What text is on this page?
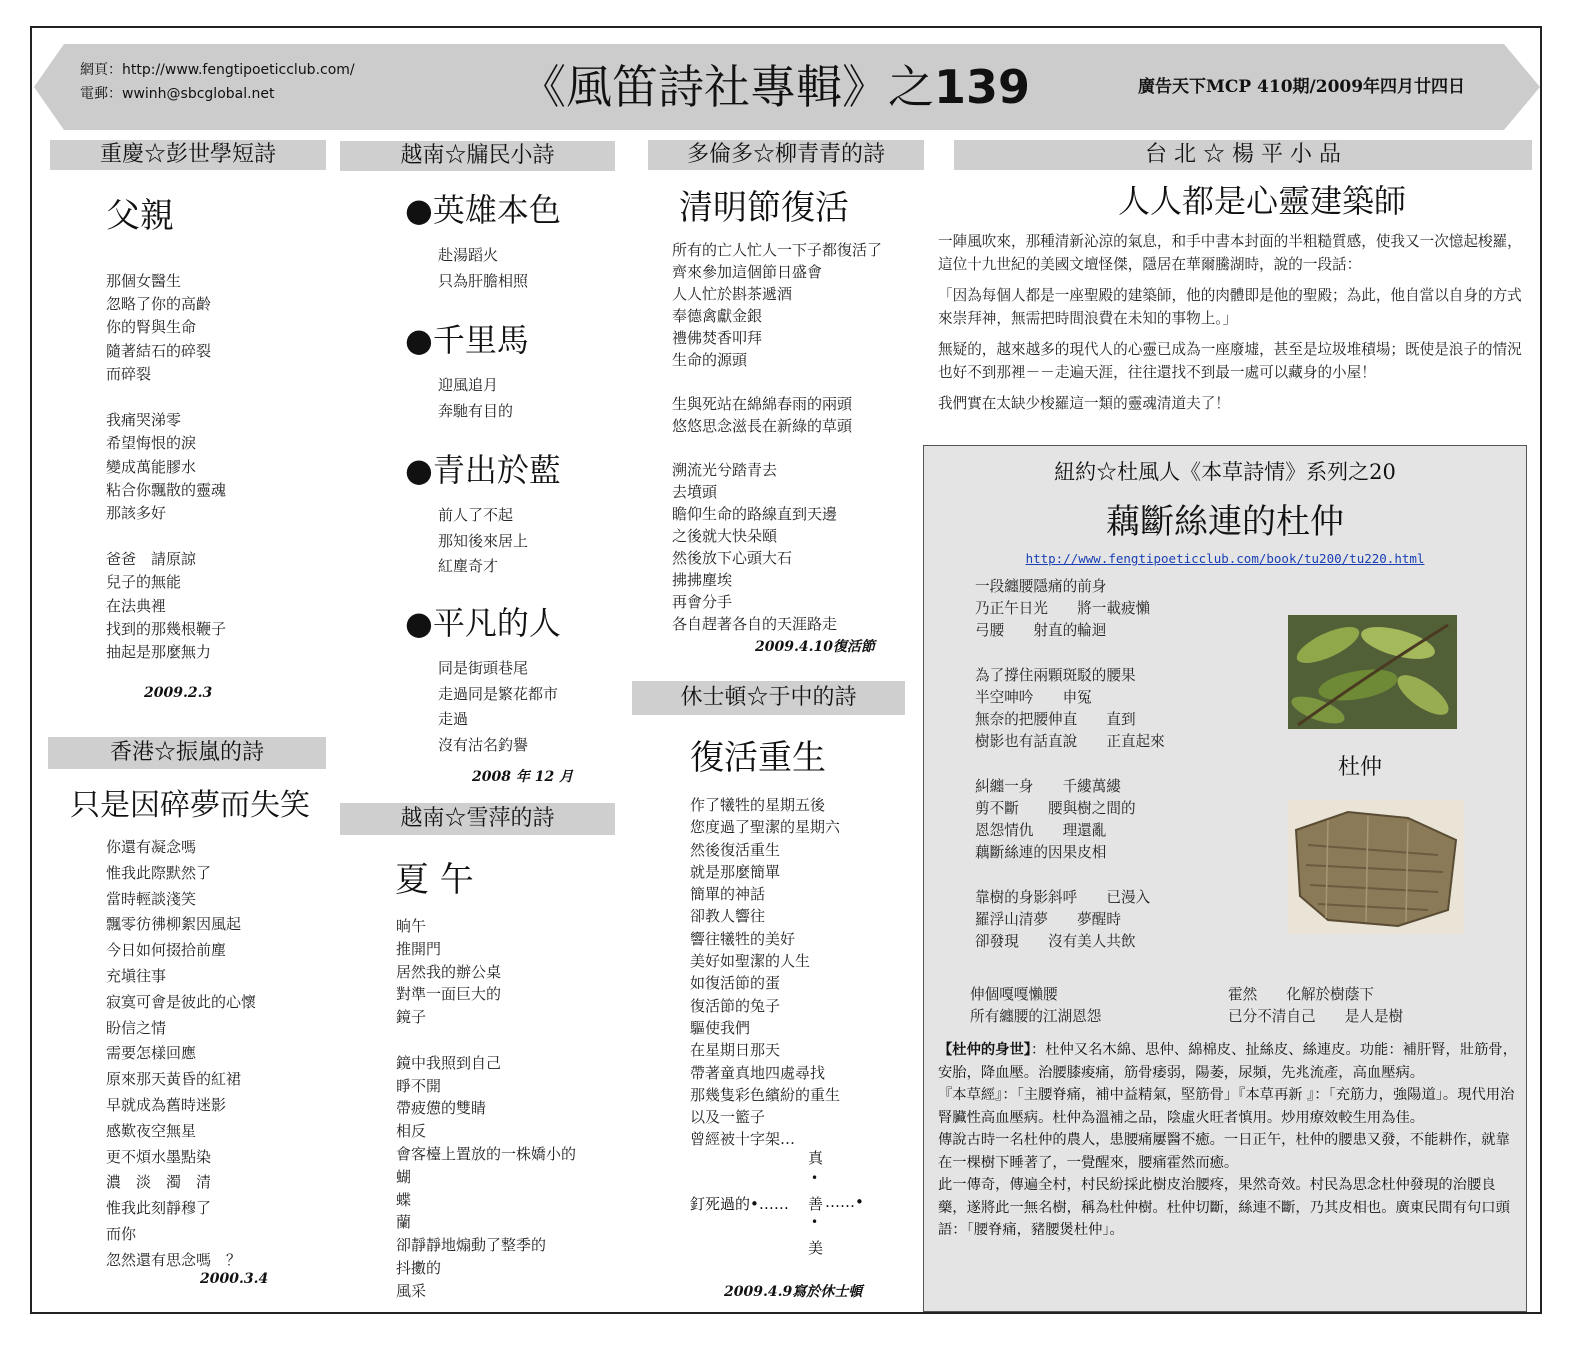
網頁：http://www.fengtipoeticclub.com/
電郵：wwinh@sbcglobal.net	《風笛詩社專輯》之139	廣告天下MCP 410期/2009年四月廿四日
重慶☆彭世學短詩
父親
那個女醫生
忽略了你的高齡
你的腎與生命
隨著結石的碎裂
而碎裂

我痛哭涕零
希望悔恨的淚
變成萬能膠水
粘合你飄散的靈魂
那該多好

爸爸　請原諒
兒子的無能
在法典裡
找到的那幾根鞭子
抽起是那麼無力
2009.2.3
香港☆振嵐的詩
只是因碎夢而失笑
你還有凝念嗎
惟我此際默然了
當時輕談淺笑
飄零彷彿柳絮因風起
今日如何掇拾前塵
充塡往事
寂寞可會是彼此的心懷
盼信之情
需要怎樣回應
原來那天黃昏的紅裙
早就成為舊時迷影
感歎夜空無星
更不煩水墨點染
濃　淡　濁　清
惟我此刻靜穆了
而你
忽然還有思念嗎　？
2000.3.4
越南☆牖民小詩
●英雄本色
赴湯蹈火
只為肝膽相照
●千里馬
迎風追月
奔馳有目的
●青出於藍
前人了不起
那知後來居上
紅塵奇才
●平凡的人
同是街頭巷尾
走過同是繁花都市
走過
沒有沽名釣譽
2008 年 12 月
越南☆雪萍的詩
夏 午
晌午
推開門
居然我的辦公桌
對準一面巨大的
鏡子

鏡中我照到自己
睜不開
帶疲憊的雙睛
相反
會客檯上置放的一株嬌小的
蝴
蝶
蘭
卻靜靜地煽動了整季的
抖擻的
風采
多倫多☆柳青青的詩
清明節復活
所有的亡人忙人一下子都復活了
齊來參加這個節日盛會
人人忙於斟茶遞酒
奉德禽獻金銀
禮佛焚香叩拜
生命的源頭

生與死站在綿綿春雨的兩頭
悠悠思念滋長在新綠的草頭

溯流光兮踏青去
去墳頭
瞻仰生命的路線直到天邊
之後就大快朵頤
然後放下心頭大石
拂拂塵埃
再會分手
各自趕著各自的天涯路走
2009.4.10復活節
休士頓☆于中的詩
復活重生
作了犧牲的星期五後
您度過了聖潔的星期六
然後復活重生
就是那麼簡單
簡單的神話
卻教人響往
響往犧牲的美好
美好如聖潔的人生
如復活節的蛋
復活節的兔子
驅使我們
在星期日那天
帶著童真地四處尋找
那幾隻彩色繽紛的重生
以及一籃子
曾經被十字架…
真
•
釘死過的•…… 善 ……•
•
美
2009.4.9寫於休士頓
台 北 ☆ 楊 平 小 品
人人都是心靈建築師

一陣風吹來，那種清新沁涼的氣息，和手中書本封面的半粗糙質感，使我又一次憶起梭羅，這位十九世紀的美國文壇怪傑，隱居在華爾騰湖時，說的一段話：

「因為每個人都是一座聖殿的建築師，他的肉體即是他的聖殿；為此，他自當以自身的方式來崇拜神，無需把時間浪費在未知的事物上。」

無疑的，越來越多的現代人的心靈已成為一座廢墟，甚至是垃圾堆積場；既使是浪子的情況也好不到那裡－－走遍天涯，往往還找不到最一處可以藏身的小屋！

我們實在太缺少梭羅這一類的靈魂清道夫了！

紐約☆杜風人《本草詩情》系列之20
藕斷絲連的杜仲
http://www.fengtipoeticclub.com/book/tu200/tu220.html
一段纏腰隱痛的前身
乃正午日光　　將一載疲懶
弓腰　　射直的輪迴

為了撐住兩顆斑駁的腰果
半空呻吟　　申冤
無奈的把腰伸直　　直到
樹影也有話直說　　正直起來

糾纏一身　　千縷萬縷
剪不斷　　腰與樹之間的
恩怨情仇　　理還亂
藕斷絲連的因果皮相

靠樹的身影斜呼　　已漫入
羅浮山清夢　　夢醒時
卻發現　　沒有美人共飲
杜仲
伸個嘎嘎懶腰
所有纏腰的江湖恩怨
霍然　　化解於樹蔭下
已分不清自己　　是人是樹

【杜仲的身世】：杜仲又名木綿、思仲、綿棉皮、扯絲皮、絲連皮。功能：補肝腎，壯筋骨，安胎，降血壓。治腰膝痠痛，筋骨痿弱，陽萎，尿頻，先兆流產，高血壓病。

『本草經』：「主腰脊痛，補中益精氣，堅筋骨」『本草再新 』：「充筋力，強陽道」。現代用治腎臟性高血壓病。杜仲為溫補之品，陰虛火旺者慎用。炒用療效較生用為佳。

傳說古時一名杜仲的農人，患腰痛屢醫不癒。一日正午，杜仲的腰患又發，不能耕作，就靠在一棵樹下睡著了，一覺醒來，腰痛霍然而癒。

此一傳奇，傳遍全村，村民紛採此樹皮治腰疼，果然奇效。村民為思念杜仲發現的治腰良藥，遂將此一無名樹，稱為杜仲樹。杜仲切斷，絲連不斷，乃其皮相也。廣東民間有句口頭語：「腰脊痛，豬腰煲杜仲」。
